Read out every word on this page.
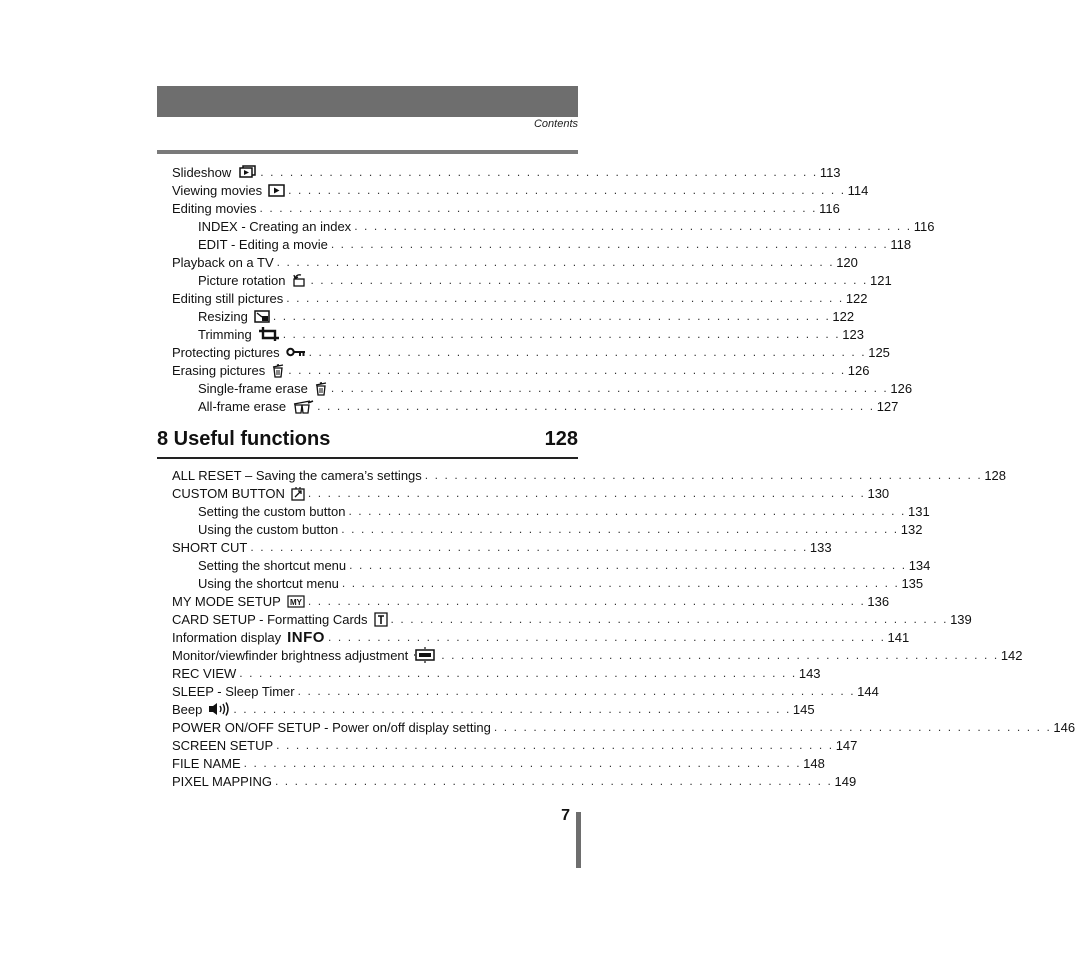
Contents
Slideshow . . . . . . . . . . . . . . . . . . . . . . . . . . . . . . . . . . . . . . . . . . . . . . . . . . . . . . . . . 113
Viewing movies . . . . . . . . . . . . . . . . . . . . . . . . . . . . . . . . . . . . . . . . . . . . . . . . . . . . . . . . . 114
Editing movies . . . . . . . . . . . . . . . . . . . . . . . . . . . . . . . . . . . . . . . . . . . . . . . . . . . . . . . . . 116
INDEX - Creating an index . . . . . . . . . . . . . . . . . . . . . . . . . . . . . . . . . . . . . . . . . . . . . . . . . . . . . . . . . 116
EDIT - Editing a movie . . . . . . . . . . . . . . . . . . . . . . . . . . . . . . . . . . . . . . . . . . . . . . . . . . . . . . . . . 118
Playback on a TV . . . . . . . . . . . . . . . . . . . . . . . . . . . . . . . . . . . . . . . . . . . . . . . . . . . . . . . . . 120
Picture rotation . . . . . . . . . . . . . . . . . . . . . . . . . . . . . . . . . . . . . . . . . . . . . . . . . . . . . . . . . 121
Editing still pictures . . . . . . . . . . . . . . . . . . . . . . . . . . . . . . . . . . . . . . . . . . . . . . . . . . . . . . . . . 122
Resizing . . . . . . . . . . . . . . . . . . . . . . . . . . . . . . . . . . . . . . . . . . . . . . . . . . . . . . . . . 122
Trimming	. . . . . . . . . . . . . . . . . . . . . . . . . . . . . . . . . . . . . . . . . . . . . . . . . . . . . . . . . 123
Protecting pictures . . . . . . . . . . . . . . . . . . . . . . . . . . . . . . . . . . . . . . . . . . . . . . . . . . . . . . . . . 125
Erasing pictures . . . . . . . . . . . . . . . . . . . . . . . . . . . . . . . . . . . . . . . . . . . . . . . . . . . . . . . . . 126
Single-frame erase . . . . . . . . . . . . . . . . . . . . . . . . . . . . . . . . . . . . . . . . . . . . . . . . . . . . . . . . . 126
All-frame erase	. . . . . . . . . . . . . . . . . . . . . . . . . . . . . . . . . . . . . . . . . . . . . . . . . . . . . . . . . 127
8 Useful functions	128
ALL RESET – Saving the camera’s settings . . . . . . . . . . . . . . . . . . . . . . . . . . . . . . . . . . . . . . . . . . . . . . . . . . . . . . . . . 128
CUSTOM BUTTON . . . . . . . . . . . . . . . . . . . . . . . . . . . . . . . . . . . . . . . . . . . . . . . . . . . . . . . . . 130
Setting the custom button . . . . . . . . . . . . . . . . . . . . . . . . . . . . . . . . . . . . . . . . . . . . . . . . . . . . . . . . . 131
Using the custom button . . . . . . . . . . . . . . . . . . . . . . . . . . . . . . . . . . . . . . . . . . . . . . . . . . . . . . . . . 132
SHORT CUT . . . . . . . . . . . . . . . . . . . . . . . . . . . . . . . . . . . . . . . . . . . . . . . . . . . . . . . . . 133
Setting the shortcut menu . . . . . . . . . . . . . . . . . . . . . . . . . . . . . . . . . . . . . . . . . . . . . . . . . . . . . . . . . 134
Using the shortcut menu . . . . . . . . . . . . . . . . . . . . . . . . . . . . . . . . . . . . . . . . . . . . . . . . . . . . . . . . . 135
MY MODE SETUP MY . . . . . . . . . . . . . . . . . . . . . . . . . . . . . . . . . . . . . . . . . . . . . . . . . . . . . . . . . 136
CARD SETUP - Formatting Cards . . . . . . . . . . . . . . . . . . . . . . . . . . . . . . . . . . . . . . . . . . . . . . . . . . . . . . . . . 139
Information display INFO . . . . . . . . . . . . . . . . . . . . . . . . . . . . . . . . . . . . . . . . . . . . . . . . . . . . . . . . . 141
Monitor/viewfinder brightness adjustment	. . . . . . . . . . . . . . . . . . . . . . . . . . . . . . . . . . . . . . . . . . . . . . . . . . . . . . . . . 142
REC VIEW . . . . . . . . . . . . . . . . . . . . . . . . . . . . . . . . . . . . . . . . . . . . . . . . . . . . . . . . . 143
SLEEP - Sleep Timer . . . . . . . . . . . . . . . . . . . . . . . . . . . . . . . . . . . . . . . . . . . . . . . . . . . . . . . . . 144
Beep	. . . . . . . . . . . . . . . . . . . . . . . . . . . . . . . . . . . . . . . . . . . . . . . . . . . . . . . . . 145
POWER ON/OFF SETUP - Power on/off display setting . . . . . . . . . . . . . . . . . . . . . . . . . . . . . . . . . . . . . . . . . . . . . . . . . . . . . . . . . 146
SCREEN SETUP . . . . . . . . . . . . . . . . . . . . . . . . . . . . . . . . . . . . . . . . . . . . . . . . . . . . . . . . . 147
FILE NAME . . . . . . . . . . . . . . . . . . . . . . . . . . . . . . . . . . . . . . . . . . . . . . . . . . . . . . . . . 148
PIXEL MAPPING . . . . . . . . . . . . . . . . . . . . . . . . . . . . . . . . . . . . . . . . . . . . . . . . . . . . . . . . . 149
7
